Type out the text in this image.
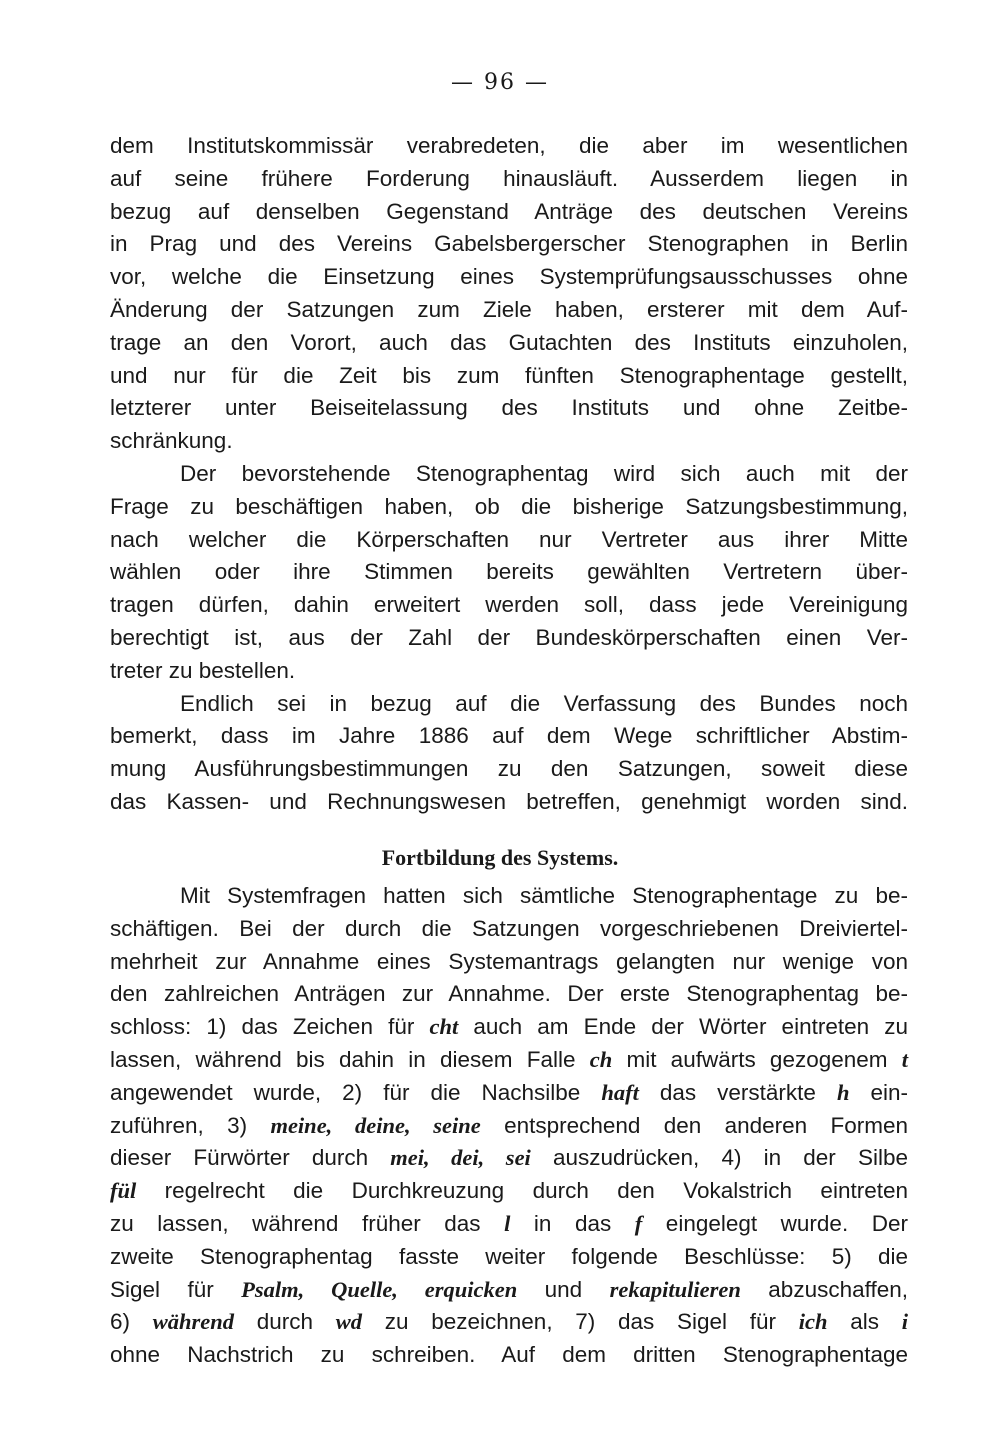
— 96 —
dem Institutskommissär verabredeten, die aber im wesentlichen
auf seine frühere Forderung hinausläuft. Ausserdem liegen in
bezug auf denselben Gegenstand Anträge des deutschen Vereins
in Prag und des Vereins Gabelsbergerscher Stenographen in Berlin
vor, welche die Einsetzung eines Systemprüfungsausschusses ohne
Änderung der Satzungen zum Ziele haben, ersterer mit dem Auf-
trage an den Vorort, auch das Gutachten des Instituts einzuholen,
und nur für die Zeit bis zum fünften Stenographentage gestellt,
letzterer unter Beiseitelassung des Instituts und ohne Zeitbe-
schränkung.
Der bevorstehende Stenographentag wird sich auch mit der
Frage zu beschäftigen haben, ob die bisherige Satzungsbestimmung,
nach welcher die Körperschaften nur Vertreter aus ihrer Mitte
wählen oder ihre Stimmen bereits gewählten Vertretern über-
tragen dürfen, dahin erweitert werden soll, dass jede Vereinigung
berechtigt ist, aus der Zahl der Bundeskörperschaften einen Ver-
treter zu bestellen.
Endlich sei in bezug auf die Verfassung des Bundes noch
bemerkt, dass im Jahre 1886 auf dem Wege schriftlicher Abstim-
mung Ausführungsbestimmungen zu den Satzungen, soweit diese
das Kassen- und Rechnungswesen betreffen, genehmigt worden sind.
Fortbildung des Systems.
Mit Systemfragen hatten sich sämtliche Stenographentage zu be-
schäftigen. Bei der durch die Satzungen vorgeschriebenen Dreiviertel-
mehrheit zur Annahme eines Systemantrags gelangten nur wenige von
den zahlreichen Anträgen zur Annahme. Der erste Stenographentag be-
schloss: 1) das Zeichen für cht auch am Ende der Wörter eintreten zu
lassen, während bis dahin in diesem Falle ch mit aufwärts gezogenem t
angewendet wurde, 2) für die Nachsilbe haft das verstärkte h ein-
zuführen, 3) meine, deine, seine entsprechend den anderen Formen
dieser Fürwörter durch mei, dei, sei auszudrücken, 4) in der Silbe
fül regelrecht die Durchkreuzung durch den Vokalstrich eintreten
zu lassen, während früher das l in das f eingelegt wurde. Der
zweite Stenographentag fasste weiter folgende Beschlüsse: 5) die
Sigel für Psalm, Quelle, erquicken und rekapitulieren abzuschaffen,
6) während durch wd zu bezeichnen, 7) das Sigel für ich als i
ohne Nachstrich zu schreiben. Auf dem dritten Stenographentage
